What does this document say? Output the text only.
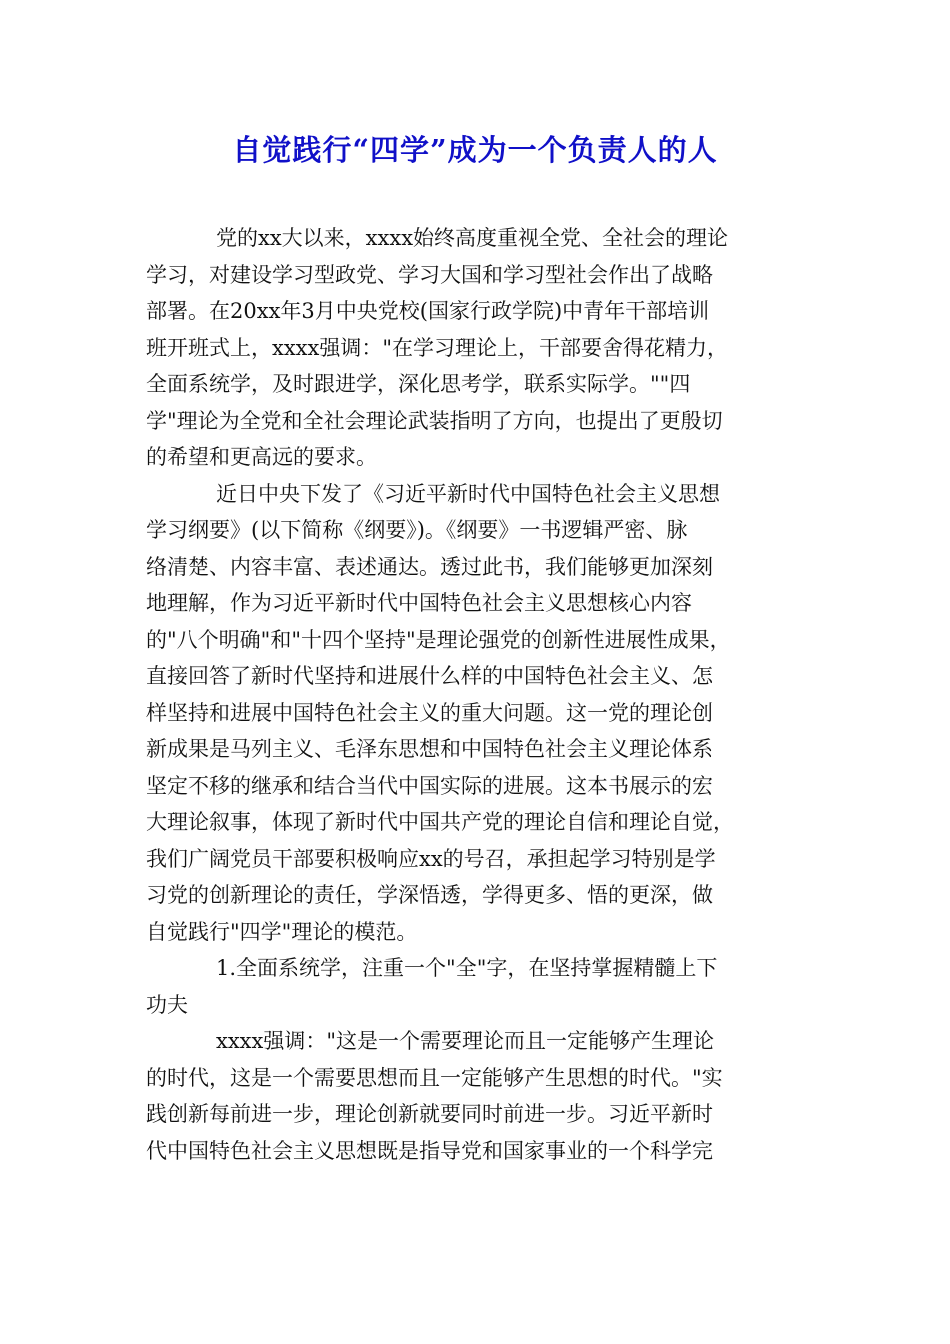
自觉践行“四学”成为一个负责人的人
党的xx大以来，xxxx始终高度重视全党、全社会的理论
学习，对建设学习型政党、学习大国和学习型社会作出了战略
部署。在20xx年3月中央党校(国家行政学院)中青年干部培训
班开班式上，xxxx强调："在学习理论上，干部要舍得花精力，
全面系统学，及时跟进学，深化思考学，联系实际学。""四
学"理论为全党和全社会理论武装指明了方向，也提出了更殷切
的希望和更高远的要求。
近日中央下发了《习近平新时代中国特色社会主义思想
学习纲要》(以下简称《纲要》)。《纲要》一书逻辑严密、脉
络清楚、内容丰富、表述通达。透过此书，我们能够更加深刻
地理解，作为习近平新时代中国特色社会主义思想核心内容
的"八个明确"和"十四个坚持"是理论强党的创新性进展性成果，
直接回答了新时代坚持和进展什么样的中国特色社会主义、怎
样坚持和进展中国特色社会主义的重大问题。这一党的理论创
新成果是马列主义、毛泽东思想和中国特色社会主义理论体系
坚定不移的继承和结合当代中国实际的进展。这本书展示的宏
大理论叙事，体现了新时代中国共产党的理论自信和理论自觉，
我们广阔党员干部要积极响应xx的号召，承担起学习特别是学
习党的创新理论的责任，学深悟透，学得更多、悟的更深，做
自觉践行"四学"理论的模范。
1.全面系统学，注重一个"全"字，在坚持掌握精髓上下
功夫
xxxx强调："这是一个需要理论而且一定能够产生理论
的时代，这是一个需要思想而且一定能够产生思想的时代。"实
践创新每前进一步，理论创新就要同时前进一步。习近平新时
代中国特色社会主义思想既是指导党和国家事业的一个科学完
